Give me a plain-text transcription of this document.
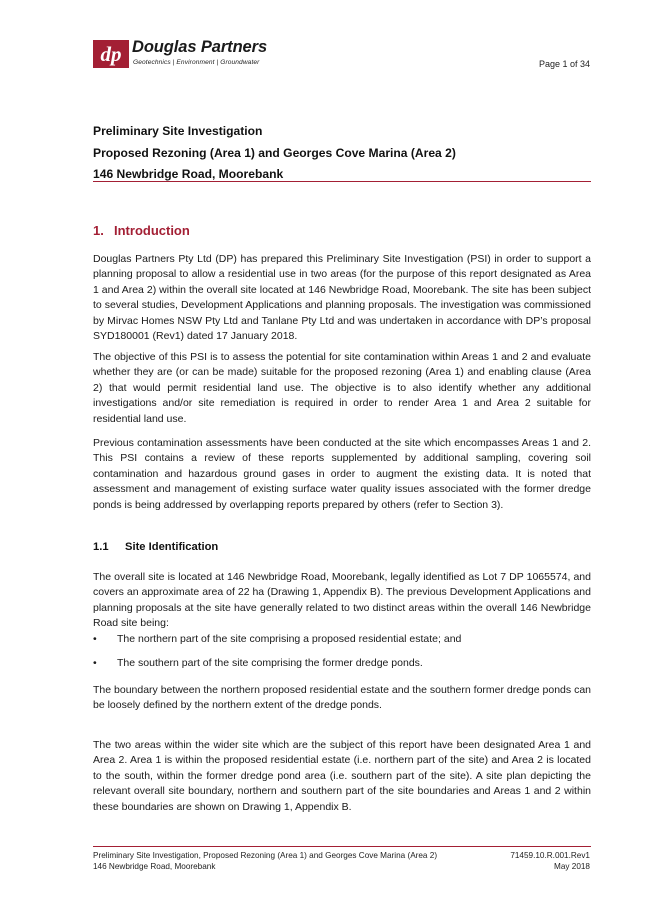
dp Douglas Partners
Geotechnics | Environment | Groundwater	Page 1 of 34
Preliminary Site Investigation
Proposed Rezoning (Area 1) and Georges Cove Marina (Area 2)
146 Newbridge Road, Moorebank
1. Introduction

Douglas Partners Pty Ltd (DP) has prepared this Preliminary Site Investigation (PSI) in order to support a planning proposal to allow a residential use in two areas (for the purpose of this report designated as Area 1 and Area 2) within the overall site located at 146 Newbridge Road, Moorebank. The site has been subject to several studies, Development Applications and planning proposals. The investigation was commissioned by Mirvac Homes NSW Pty Ltd and Tanlane Pty Ltd and was undertaken in accordance with DP’s proposal SYD180001 (Rev1) dated 17 January 2018.

The objective of this PSI is to assess the potential for site contamination within Areas 1 and 2 and evaluate whether they are (or can be made) suitable for the proposed rezoning (Area 1) and enabling clause (Area 2) that would permit residential land use. The objective is to also identify whether any additional investigations and/or site remediation is required in order to render Area 1 and Area 2 suitable for residential land use.

Previous contamination assessments have been conducted at the site which encompasses Areas 1 and 2. This PSI contains a review of these reports supplemented by additional sampling, covering soil contamination and hazardous ground gases in order to augment the existing data. It is noted that assessment and management of existing surface water quality issues associated with the former dredge ponds is being addressed by overlapping reports prepared by others (refer to Section 3).

1.1 Site Identification

The overall site is located at 146 Newbridge Road, Moorebank, legally identified as Lot 7 DP 1065574, and covers an approximate area of 22 ha (Drawing 1, Appendix B). The previous Development Applications and planning proposals at the site have generally related to two distinct areas within the overall 146 Newbridge Road site being:

• The northern part of the site comprising a proposed residential estate; and
• The southern part of the site comprising the former dredge ponds.

The boundary between the northern proposed residential estate and the southern former dredge ponds can be loosely defined by the northern extent of the dredge ponds.

The two areas within the wider site which are the subject of this report have been designated Area 1 and Area 2. Area 1 is within the proposed residential estate (i.e. northern part of the site) and Area 2 is located to the south, within the former dredge pond area (i.e. southern part of the site). A site plan depicting the relevant overall site boundary, northern and southern part of the site boundaries and Areas 1 and 2 within these boundaries are shown on Drawing 1, Appendix B.

Preliminary Site Investigation, Proposed Rezoning (Area 1) and Georges Cove Marina (Area 2)
146 Newbridge Road, Moorebank
71459.10.R.001.Rev1
May 2018
